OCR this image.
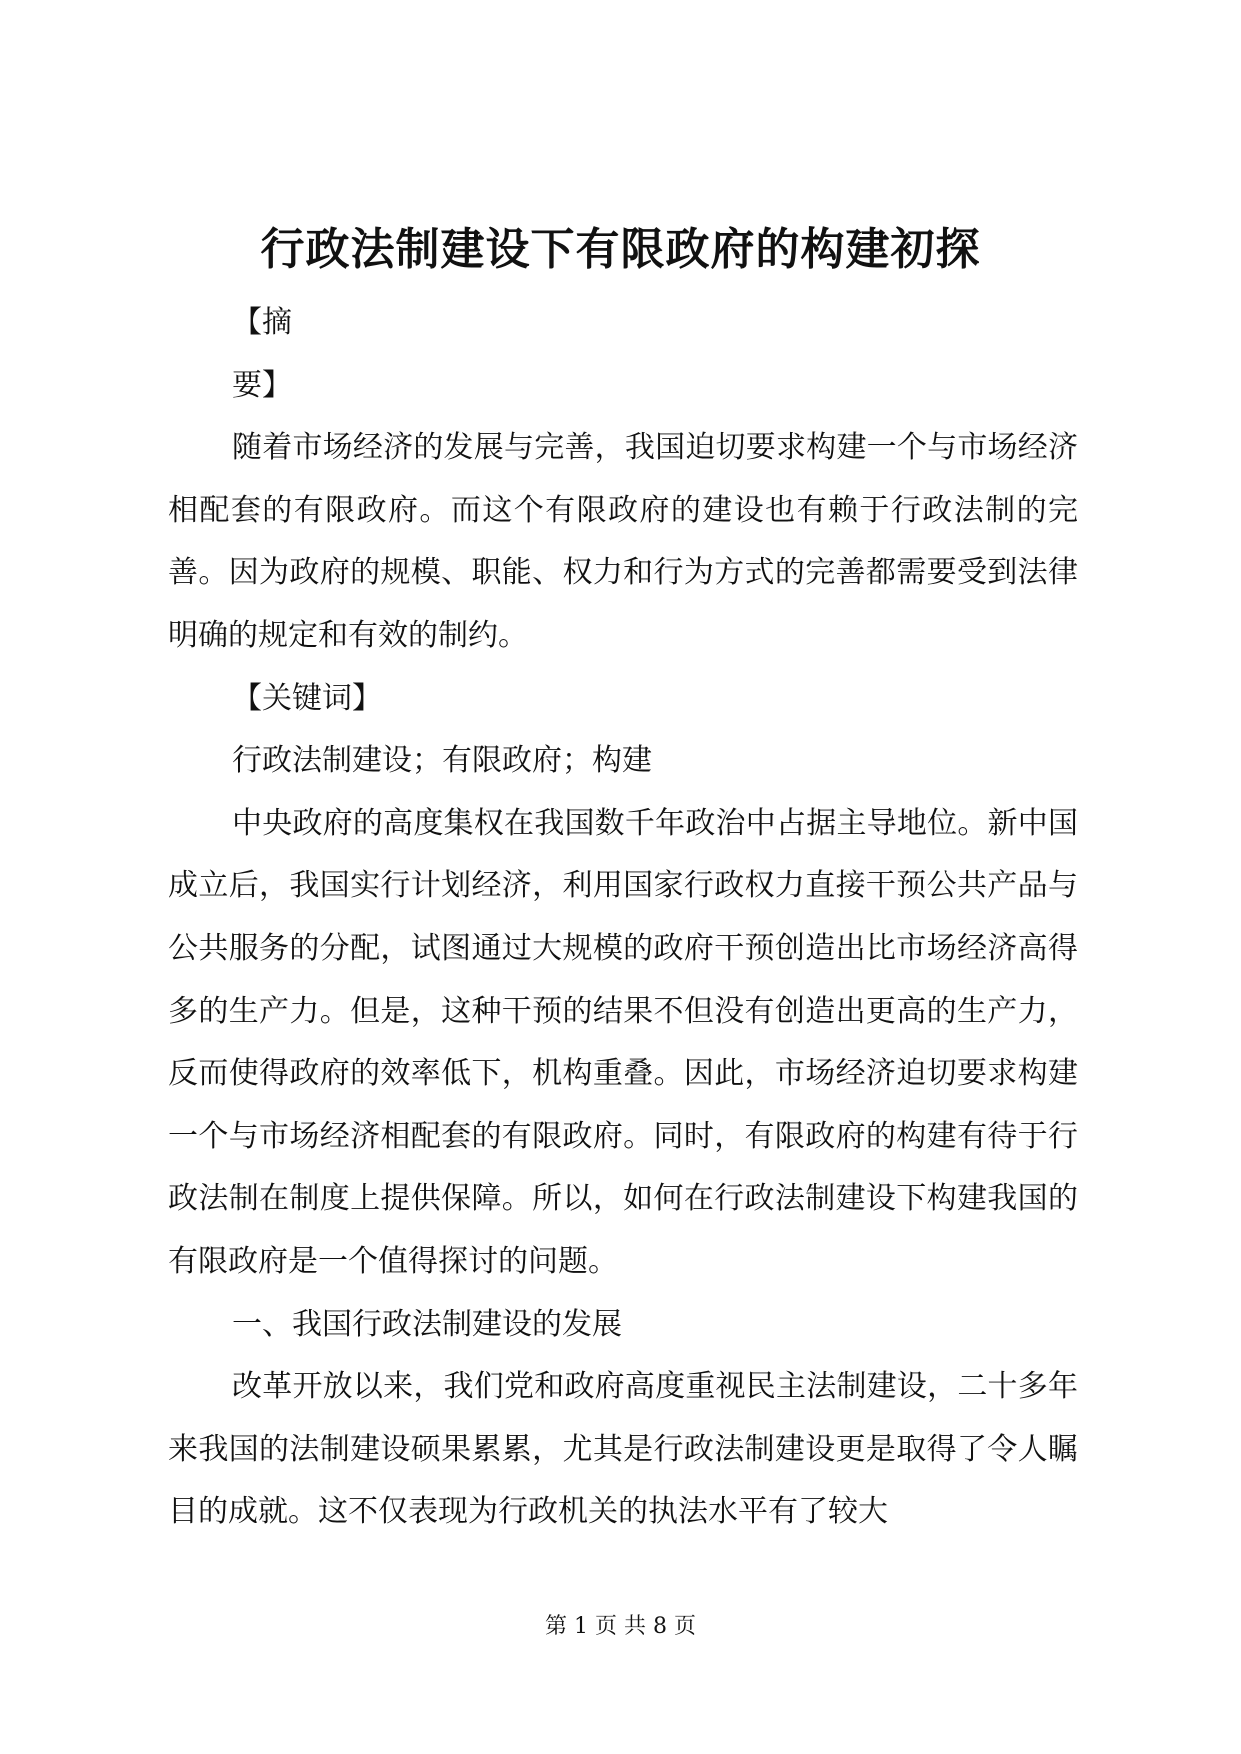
行政法制建设下有限政府的构建初探

【摘

要】

随着市场经济的发展与完善，我国迫切要求构建一个与市场经济相配套的有限政府。而这个有限政府的建设也有赖于行政法制的完善。因为政府的规模、职能、权力和行为方式的完善都需要受到法律明确的规定和有效的制约。

【关键词】

行政法制建设；有限政府；构建

中央政府的高度集权在我国数千年政治中占据主导地位。新中国成立后，我国实行计划经济，利用国家行政权力直接干预公共产品与公共服务的分配，试图通过大规模的政府干预创造出比市场经济高得多的生产力。但是，这种干预的结果不但没有创造出更高的生产力，反而使得政府的效率低下，机构重叠。因此，市场经济迫切要求构建一个与市场经济相配套的有限政府。同时，有限政府的构建有待于行政法制在制度上提供保障。所以，如何在行政法制建设下构建我国的有限政府是一个值得探讨的问题。

一、我国行政法制建设的发展

改革开放以来，我们党和政府高度重视民主法制建设，二十多年来我国的法制建设硕果累累，尤其是行政法制建设更是取得了令人瞩目的成就。这不仅表现为行政机关的执法水平有了较大

第 1 页 共 8 页
